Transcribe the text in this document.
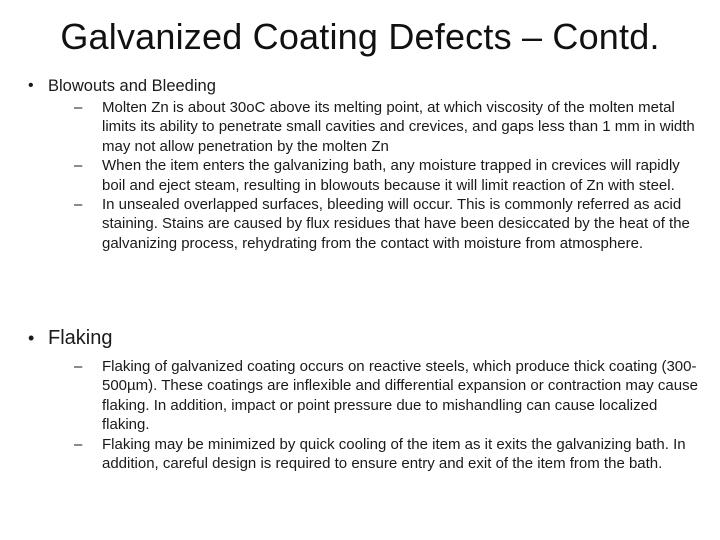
Galvanized Coating Defects – Contd.
• Blowouts and Bleeding
–	Molten Zn is about 30oC above its melting point, at which viscosity of the molten metal limits its ability to penetrate small cavities and crevices, and gaps less than 1 mm in width may not allow penetration by the molten Zn
–	When the item enters the galvanizing bath, any moisture trapped in crevices will rapidly boil and eject steam, resulting in blowouts because it will limit reaction of Zn with steel.
–	In unsealed overlapped surfaces, bleeding will occur. This is commonly referred as acid staining. Stains are caused by flux residues that have been desiccated by the heat of the galvanizing process, rehydrating from the contact with moisture from atmosphere.
• Flaking
–	Flaking of galvanized coating occurs on reactive steels, which produce thick coating (300-500µm). These coatings are inflexible and differential expansion or contraction may cause flaking. In addition, impact or point pressure due to mishandling can cause localized flaking.
–	Flaking may be minimized by quick cooling of the item as it exits the galvanizing bath. In addition, careful design is required to ensure entry and exit of the item from the bath.
